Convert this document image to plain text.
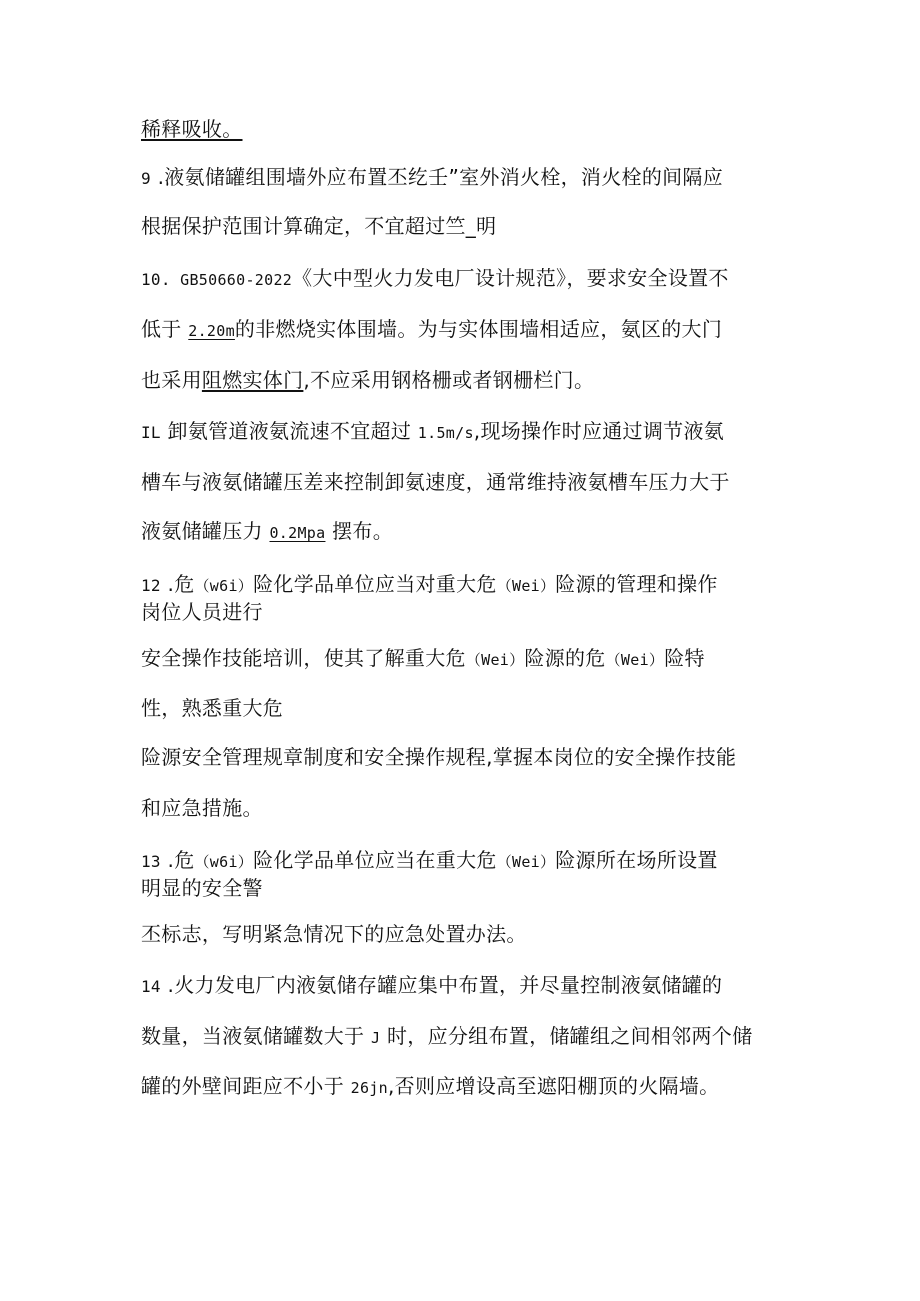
稀释吸收。
9 .液氨储罐组围墙外应布置丕纥壬”室外消火栓，消火栓的间隔应
根据保护范围计算确定，不宜超过竺_明
10. GB50660-2022《大中型火力发电厂设计规范》，要求安全设置不
低于 2.20m的非燃烧实体围墙。为与实体围墙相适应，氨区的大门
也采用阻燃实体门,不应采用钢格栅或者钢栅栏门。
IL 卸氨管道液氨流速不宜超过 1.5m/s,现场操作时应通过调节液氨
槽车与液氨储罐压差来控制卸氨速度，通常维持液氨槽车压力大于
液氨储罐压力 0.2Mpa 摆布。
12 .危（w6i）险化学品单位应当对重大危（Wei）险源的管理和操作
岗位人员进行
安全操作技能培训，使其了解重大危（Wei）险源的危（Wei）险特
性，熟悉重大危
险源安全管理规章制度和安全操作规程,掌握本岗位的安全操作技能
和应急措施。
13 .危（w6i）险化学品单位应当在重大危（Wei）险源所在场所设置
明显的安全警
丕标志，写明紧急情况下的应急处置办法。
14 .火力发电厂内液氨储存罐应集中布置，并尽量控制液氨储罐的
数量，当液氨储罐数大于 J 时，应分组布置，储罐组之间相邻两个储
罐的外壁间距应不小于 26jn,否则应增设高至遮阳棚顶的火隔墙。
